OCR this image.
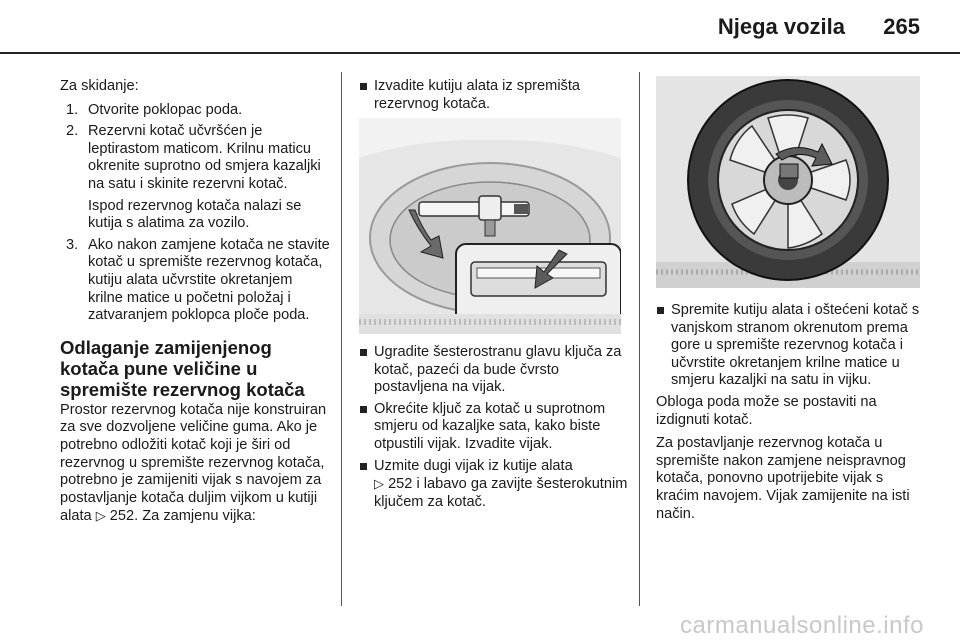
Njega vozila	265
Za skidanje:
1. Otvorite poklopac poda.
2. Rezervni kotač učvršćen je leptirastom maticom. Krilnu maticu okrenite suprotno od smjera kazaljki na satu i skinite rezervni kotač.
Ispod rezervnog kotača nalazi se kutija s alatima za vozilo.
3. Ako nakon zamjene kotača ne stavite kotač u spremište rezervnog kotača, kutiju alata učvrstite okretanjem krilne matice u početni položaj i zatvaranjem poklopca ploče poda.
Odlaganje zamijenjenog kotača pune veličine u spremište rezervnog kotača
Prostor rezervnog kotača nije konstruiran za sve dozvoljene veličine guma. Ako je potrebno odložiti kotač koji je širi od rezervnog u spremište rezervnog kotača, potrebno je zamijeniti vijak s navojem za postavljanje kotača duljim vijkom u kutiji alata ▷ 252. Za zamjenu vijka:
Izvadite kutiju alata iz spremišta rezervnog kotača.
Ugradite šesterostranu glavu ključa za kotač, pazeći da bude čvrsto postavljena na vijak.
Okrećite ključ za kotač u suprotnom smjeru od kazaljke sata, kako biste otpustili vijak. Izvadite vijak.
Uzmite dugi vijak iz kutije alata
▷ 252 i labavo ga zavijte šesterokutnim ključem za kotač.
Spremite kutiju alata i oštećeni kotač s vanjskom stranom okrenutom prema gore u spremište rezervnog kotača i učvrstite okretanjem krilne matice u smjeru kazaljki na satu in vijku.
Obloga poda može se postaviti na izdignuti kotač.
Za postavljanje rezervnog kotača u spremište nakon zamjene neispravnog kotača, ponovno upotrijebite vijak s kraćim navojem. Vijak zamijenite na isti način.
carmanualsonline.info
